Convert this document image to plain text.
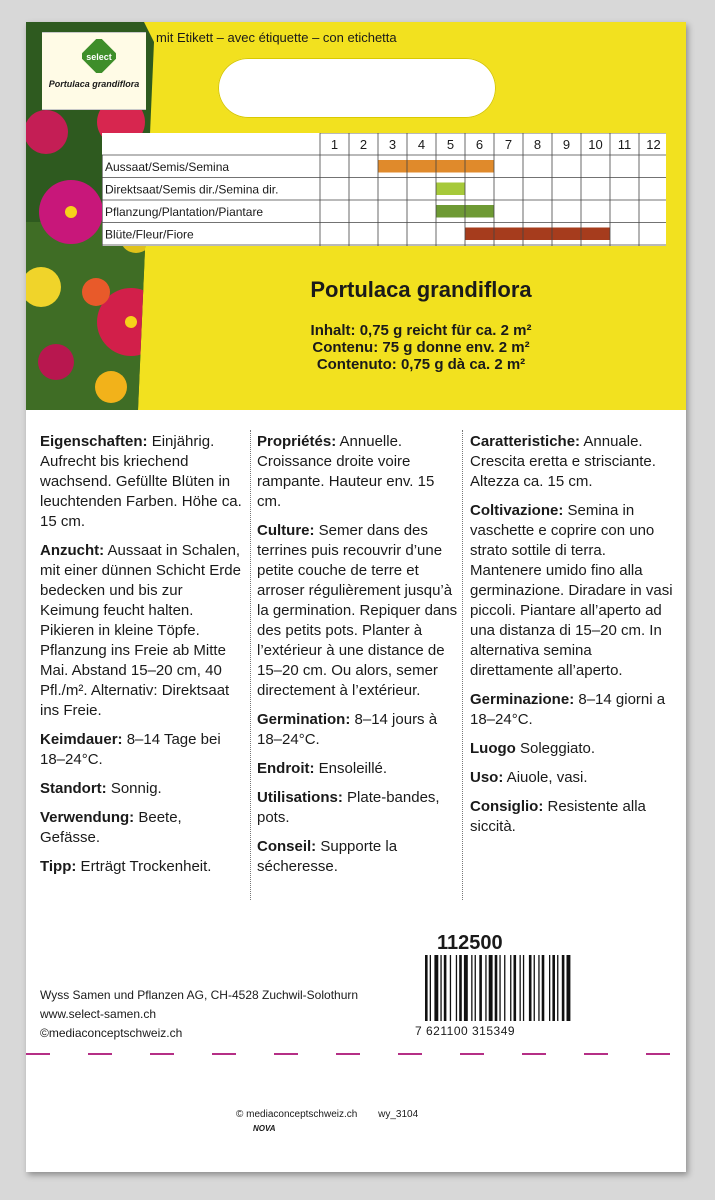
mit Etikett – avec étiquette – con etichetta
select
Portulaca grandiflora
1 2 3 4 5 6 7 8 9 10 11 12
Aussaat/Semis/Semina
Direktsaat/Semis dir./Semina dir.
Pflanzung/Plantation/Piantare
Blüte/Fleur/Fiore
Portulaca grandiflora
Inhalt: 0,75 g reicht für ca. 2 m²
Contenu: 75 g donne env. 2 m²
Contenuto: 0,75 g dà ca. 2 m²

Eigenschaften: Einjährig. Aufrecht bis kriechend wachsend. Gefüllte Blüten in leuchtenden Farben. Höhe ca. 15 cm.

Anzucht: Aussaat in Schalen, mit einer dünnen Schicht Erde bedecken und bis zur Keimung feucht halten. Pikieren in kleine Töpfe. Pflanzung ins Freie ab Mitte Mai. Abstand 15–20 cm, 40 Pfl./m². Alternativ: Direktsaat ins Freie.

Keimdauer: 8–14 Tage bei 18–24°C.

Standort: Sonnig.

Verwendung: Beete, Gefässe.

Tipp: Erträgt Trockenheit.

Propriétés: Annuelle. Croissance droite voire rampante. Hauteur env. 15 cm.

Culture: Semer dans des terrines puis recouvrir d’une petite couche de terre et arroser régulièrement jusqu’à la germination. Repiquer dans des petits pots. Planter à l’extérieur à une distance de 15–20 cm. Ou alors, semer directement à l’extérieur.

Germination: 8–14 jours à 18–24°C.

Endroit: Ensoleillé.

Utilisations: Plate-bandes, pots.

Conseil: Supporte la sécheresse.

Caratteristiche: Annuale. Crescita eretta e strisciante. Altezza ca. 15 cm.

Coltivazione: Semina in vaschette e coprire con uno strato sottile di terra. Mantenere umido fino alla germinazione. Diradare in vasi piccoli. Piantare all’aperto ad una distanza di 15–20 cm. In alternativa semina direttamente all’aperto.

Germinazione: 8–14 giorni a 18–24°C.

Luogo Soleggiato.

Uso: Aiuole, vasi.

Consiglio: Resistente alla siccità.

112500
7 621100 315349
Wyss Samen und Pflanzen AG, CH-4528 Zuchwil-Solothurn
www.select-samen.ch
©mediaconceptschweiz.ch
© mediaconceptschweiz.ch wy_3104
NOVA
